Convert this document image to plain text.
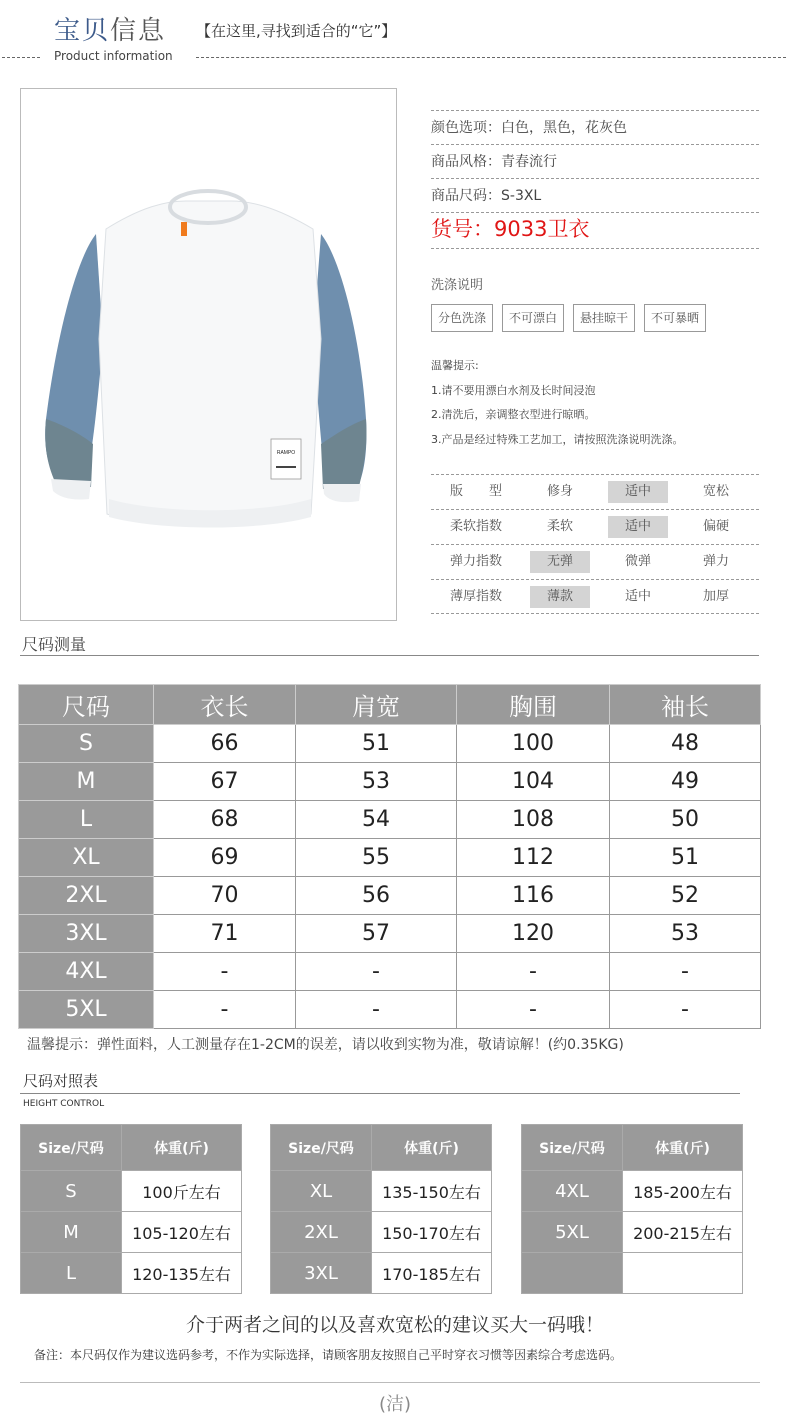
宝贝信息 【在这里,寻找到适合的“它”】
Product information
RAMPO
颜色选项：白色，黑色，花灰色
商品风格：青春流行
商品尺码：S-3XL
货号：9033卫衣
洗涤说明
分色洗涤	不可漂白	悬挂晾干	不可暴晒
温馨提示:
1.请不要用漂白水剂及长时间浸泡
2.清洗后，亲调整衣型进行晾晒。
3.产品是经过特殊工艺加工，请按照洗涤说明洗涤。
版　　型	修身	适中	宽松
柔软指数	柔软	适中	偏硬
弹力指数	无弹	微弹	弹力
薄厚指数	薄款	适中	加厚
尺码测量
尺码	衣长	肩宽	胸围	袖长
S	66	51	100	48
M	67	53	104	49
L	68	54	108	50
XL	69	55	112	51
2XL	70	56	116	52
3XL	71	57	120	53
4XL	-	-	-	-
5XL	-	-	-	-
温馨提示：弹性面料，人工测量存在1-2CM的误差，请以收到实物为准，敬请谅解！(约0.35KG)
尺码对照表
HEIGHT CONTROL
Size/尺码	体重(斤)
S	100斤左右
M	105-120左右
L	120-135左右
Size/尺码	体重(斤)
XL	135-150左右
2XL	150-170左右
3XL	170-185左右
Size/尺码	体重(斤)
4XL	185-200左右
5XL	200-215左右

介于两者之间的以及喜欢宽松的建议买大一码哦！
备注：本尺码仅作为建议选码参考，不作为实际选择，请顾客朋友按照自己平时穿衣习惯等因素综合考虑选码。
(洁)
